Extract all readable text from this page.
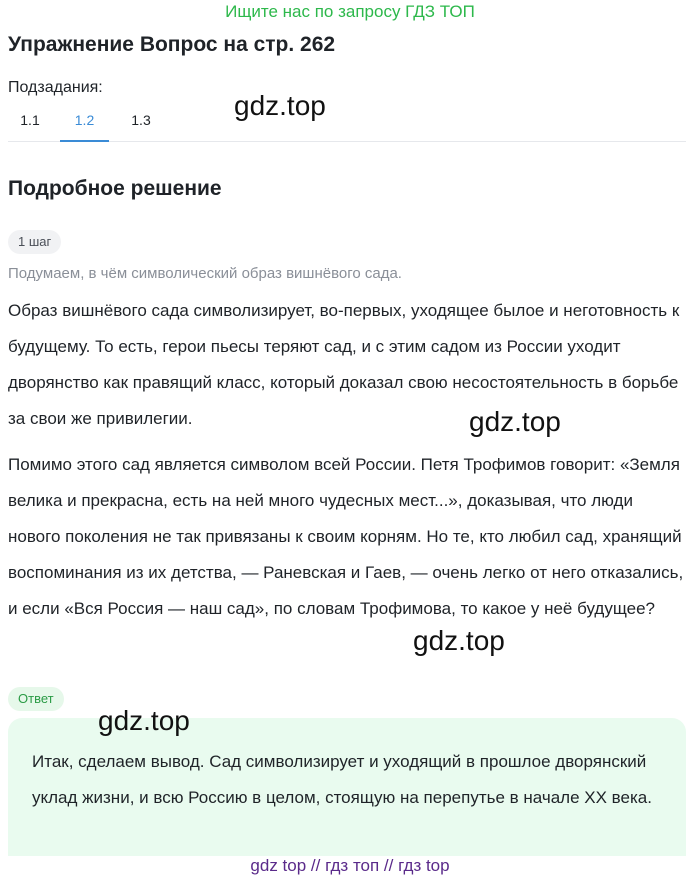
Ищите нас по запросу ГДЗ ТОП
Упражнение Вопрос на стр. 262
Подзадания:
1.1	1.2	1.3	gdz.top
Подробное решение
1 шаг
Подумаем, в чём символический образ вишнёвого сада.
Образ вишнёвого сада символизирует, во-первых, уходящее былое и неготовность к будущему. То есть, герои пьесы теряют сад, и с этим садом из России уходит дворянство как правящий класс, который доказал свою несостоятельность в борьбе за свои же привилегии.	gdz.top
Помимо этого сад является символом всей России. Петя Трофимов говорит: «Земля велика и прекрасна, есть на ней много чудесных мест...», доказывая, что люди нового поколения не так привязаны к своим корням. Но те, кто любил сад, хранящий воспоминания из их детства, — Раневская и Гаев, — очень легко от него отказались, и если «Вся Россия — наш сад», по словам Трофимова, то какое у неё будущее?
gdz.top
Ответ
Итак, сделаем вывод. Сад символизирует и уходящий в прошлое дворянский уклад жизни, и всю Россию в целом, стоящую на перепутье в начале XX века.
gdz.top
gdz top // гдз топ // гдз top
